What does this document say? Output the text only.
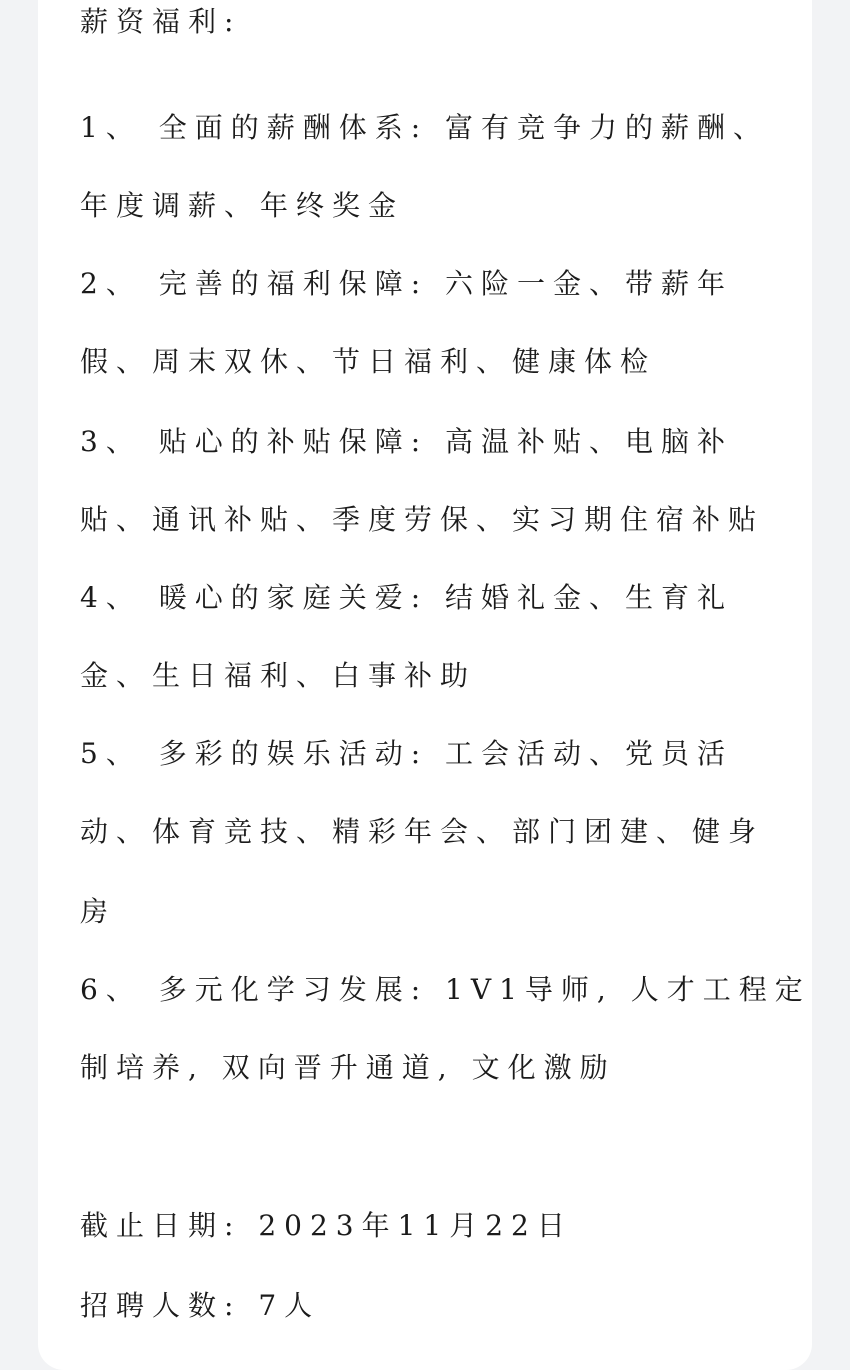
薪资福利:
1、 全面的薪酬体系: 富有竞争力的薪酬、
年度调薪、年终奖金
2、 完善的福利保障: 六险一金、带薪年
假、周末双休、节日福利、健康体检
3、 贴心的补贴保障: 高温补贴、电脑补
贴、通讯补贴、季度劳保、实习期住宿补贴
4、 暖心的家庭关爱: 结婚礼金、生育礼
金、生日福利、白事补助
5、 多彩的娱乐活动: 工会活动、党员活
动、体育竞技、精彩年会、部门团建、健身
房
6、 多元化学习发展: 1V1导师, 人才工程定
制培养, 双向晋升通道, 文化激励
截止日期: 2023年11月22日
招聘人数: 7人
